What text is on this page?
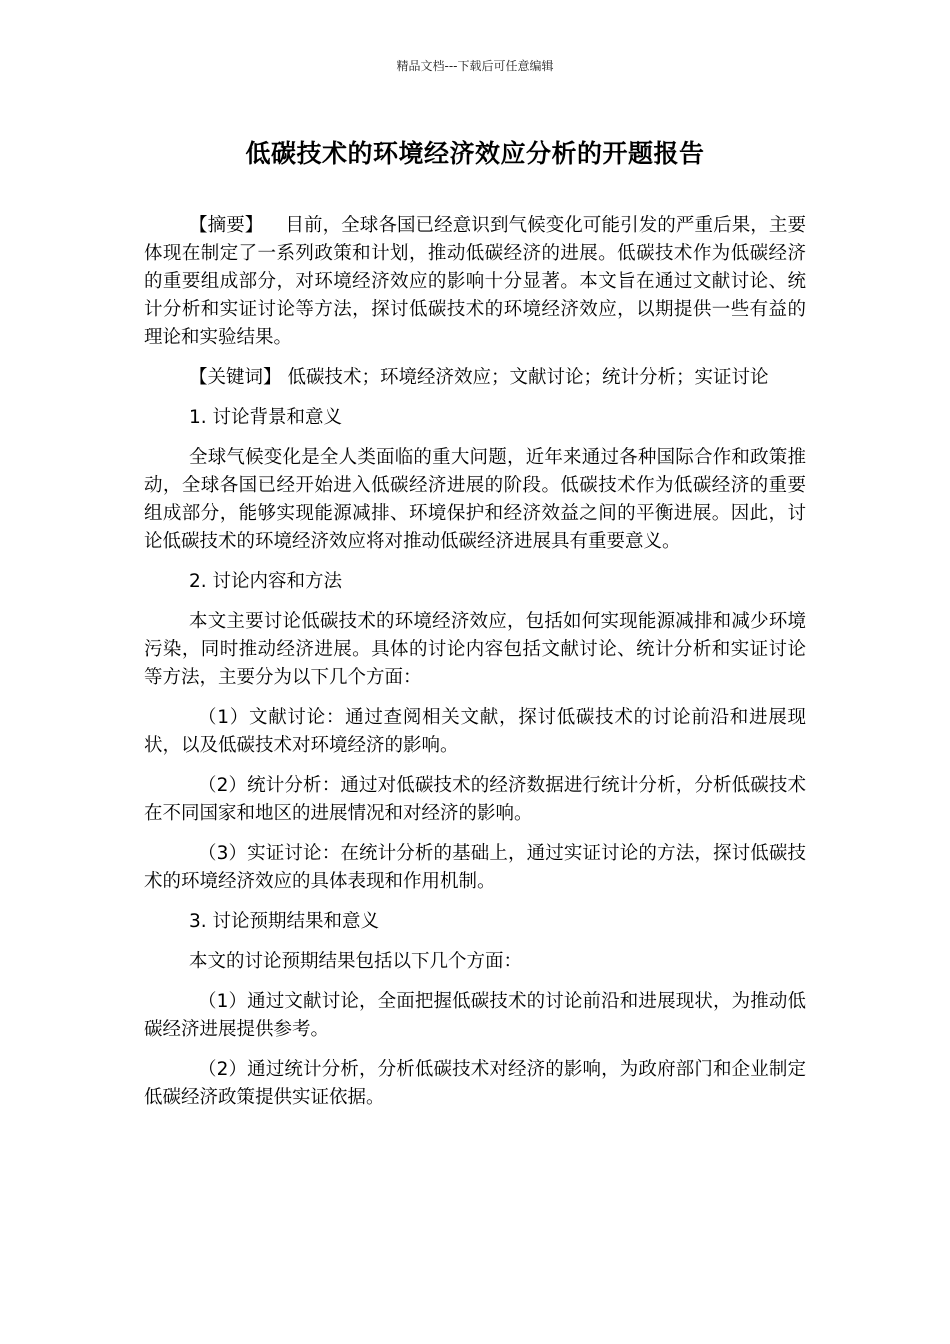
精品文档---下载后可任意编辑
低碳技术的环境经济效应分析的开题报告

【摘要】 目前，全球各国已经意识到气候变化可能引发的严重后果，主要体现在制定了一系列政策和计划，推动低碳经济的进展。低碳技术作为低碳经济的重要组成部分，对环境经济效应的影响十分显著。本文旨在通过文献讨论、统计分析和实证讨论等方法，探讨低碳技术的环境经济效应，以期提供一些有益的理论和实验结果。

【关键词】 低碳技术；环境经济效应；文献讨论；统计分析；实证讨论

1. 讨论背景和意义

全球气候变化是全人类面临的重大问题，近年来通过各种国际合作和政策推动，全球各国已经开始进入低碳经济进展的阶段。低碳技术作为低碳经济的重要组成部分，能够实现能源减排、环境保护和经济效益之间的平衡进展。因此，讨论低碳技术的环境经济效应将对推动低碳经济进展具有重要意义。

2. 讨论内容和方法

本文主要讨论低碳技术的环境经济效应，包括如何实现能源减排和减少环境污染，同时推动经济进展。具体的讨论内容包括文献讨论、统计分析和实证讨论等方法，主要分为以下几个方面：

（1）文献讨论：通过查阅相关文献，探讨低碳技术的讨论前沿和进展现状，以及低碳技术对环境经济的影响。

（2）统计分析：通过对低碳技术的经济数据进行统计分析，分析低碳技术在不同国家和地区的进展情况和对经济的影响。

（3）实证讨论：在统计分析的基础上，通过实证讨论的方法，探讨低碳技术的环境经济效应的具体表现和作用机制。

3. 讨论预期结果和意义

本文的讨论预期结果包括以下几个方面：

（1）通过文献讨论，全面把握低碳技术的讨论前沿和进展现状，为推动低碳经济进展提供参考。

（2）通过统计分析，分析低碳技术对经济的影响，为政府部门和企业制定低碳经济政策提供实证依据。
